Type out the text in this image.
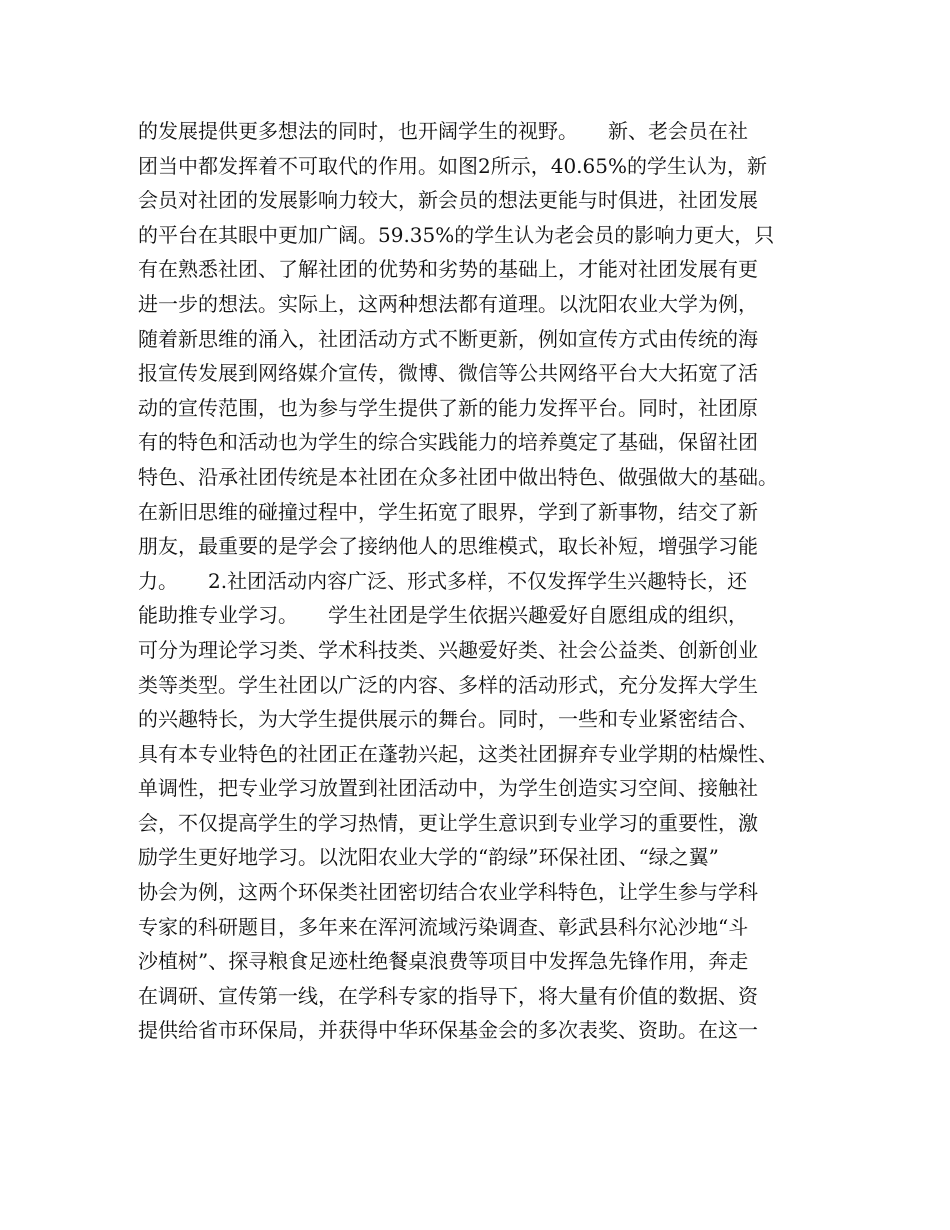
的发展提供更多想法的同时，也开阔学生的视野。　　新、老会员在社
团当中都发挥着不可取代的作用。如图2所示，40.65%的学生认为，新
会员对社团的发展影响力较大，新会员的想法更能与时俱进，社团发展
的平台在其眼中更加广阔。59.35%的学生认为老会员的影响力更大，只
有在熟悉社团、了解社团的优势和劣势的基础上，才能对社团发展有更
进一步的想法。实际上，这两种想法都有道理。以沈阳农业大学为例，
随着新思维的涌入，社团活动方式不断更新，例如宣传方式由传统的海
报宣传发展到网络媒介宣传，微博、微信等公共网络平台大大拓宽了活
动的宣传范围，也为参与学生提供了新的能力发挥平台。同时，社团原
有的特色和活动也为学生的综合实践能力的培养奠定了基础，保留社团
特色、沿承社团传统是本社团在众多社团中做出特色、做强做大的基础。
在新旧思维的碰撞过程中，学生拓宽了眼界，学到了新事物，结交了新
朋友，最重要的是学会了接纳他人的思维模式，取长补短，增强学习能
力。　　2.社团活动内容广泛、形式多样，不仅发挥学生兴趣特长，还
能助推专业学习。　　学生社团是学生依据兴趣爱好自愿组成的组织，
可分为理论学习类、学术科技类、兴趣爱好类、社会公益类、创新创业
类等类型。学生社团以广泛的内容、多样的活动形式，充分发挥大学生
的兴趣特长，为大学生提供展示的舞台。同时，一些和专业紧密结合、
具有本专业特色的社团正在蓬勃兴起，这类社团摒弃专业学期的枯燥性、
单调性，把专业学习放置到社团活动中，为学生创造实习空间、接触社
会，不仅提高学生的学习热情，更让学生意识到专业学习的重要性，激
励学生更好地学习。以沈阳农业大学的“韵绿”环保社团、“绿之翼”
协会为例，这两个环保类社团密切结合农业学科特色，让学生参与学科
专家的科研题目，多年来在浑河流域污染调查、彰武县科尔沁沙地“斗
沙植树”、探寻粮食足迹杜绝餐桌浪费等项目中发挥急先锋作用，奔走
在调研、宣传第一线，在学科专家的指导下，将大量有价值的数据、资
提供给省市环保局，并获得中华环保基金会的多次表奖、资助。在这一
